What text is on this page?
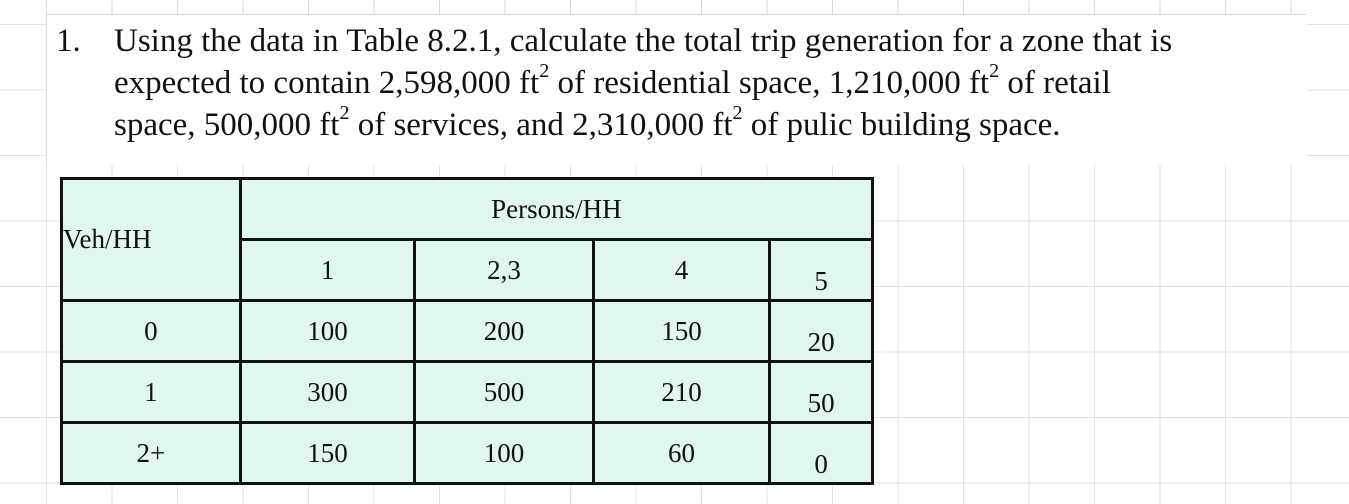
1. Using the data in Table 8.2.1, calculate the total trip generation for a zone that is
expected to contain 2,598,000 $ft^2$ of residential space, 1,210,000 $ft^2$ of retail
space, 500,000 $ft^2$ of services, and 2,310,000 $ft^2$ of pulic building space.
Veh/HH	Persons/HH			
	1	2,3	4	5
0	100	200	150	20
1	300	500	210	50
2+	150	100	60	0
